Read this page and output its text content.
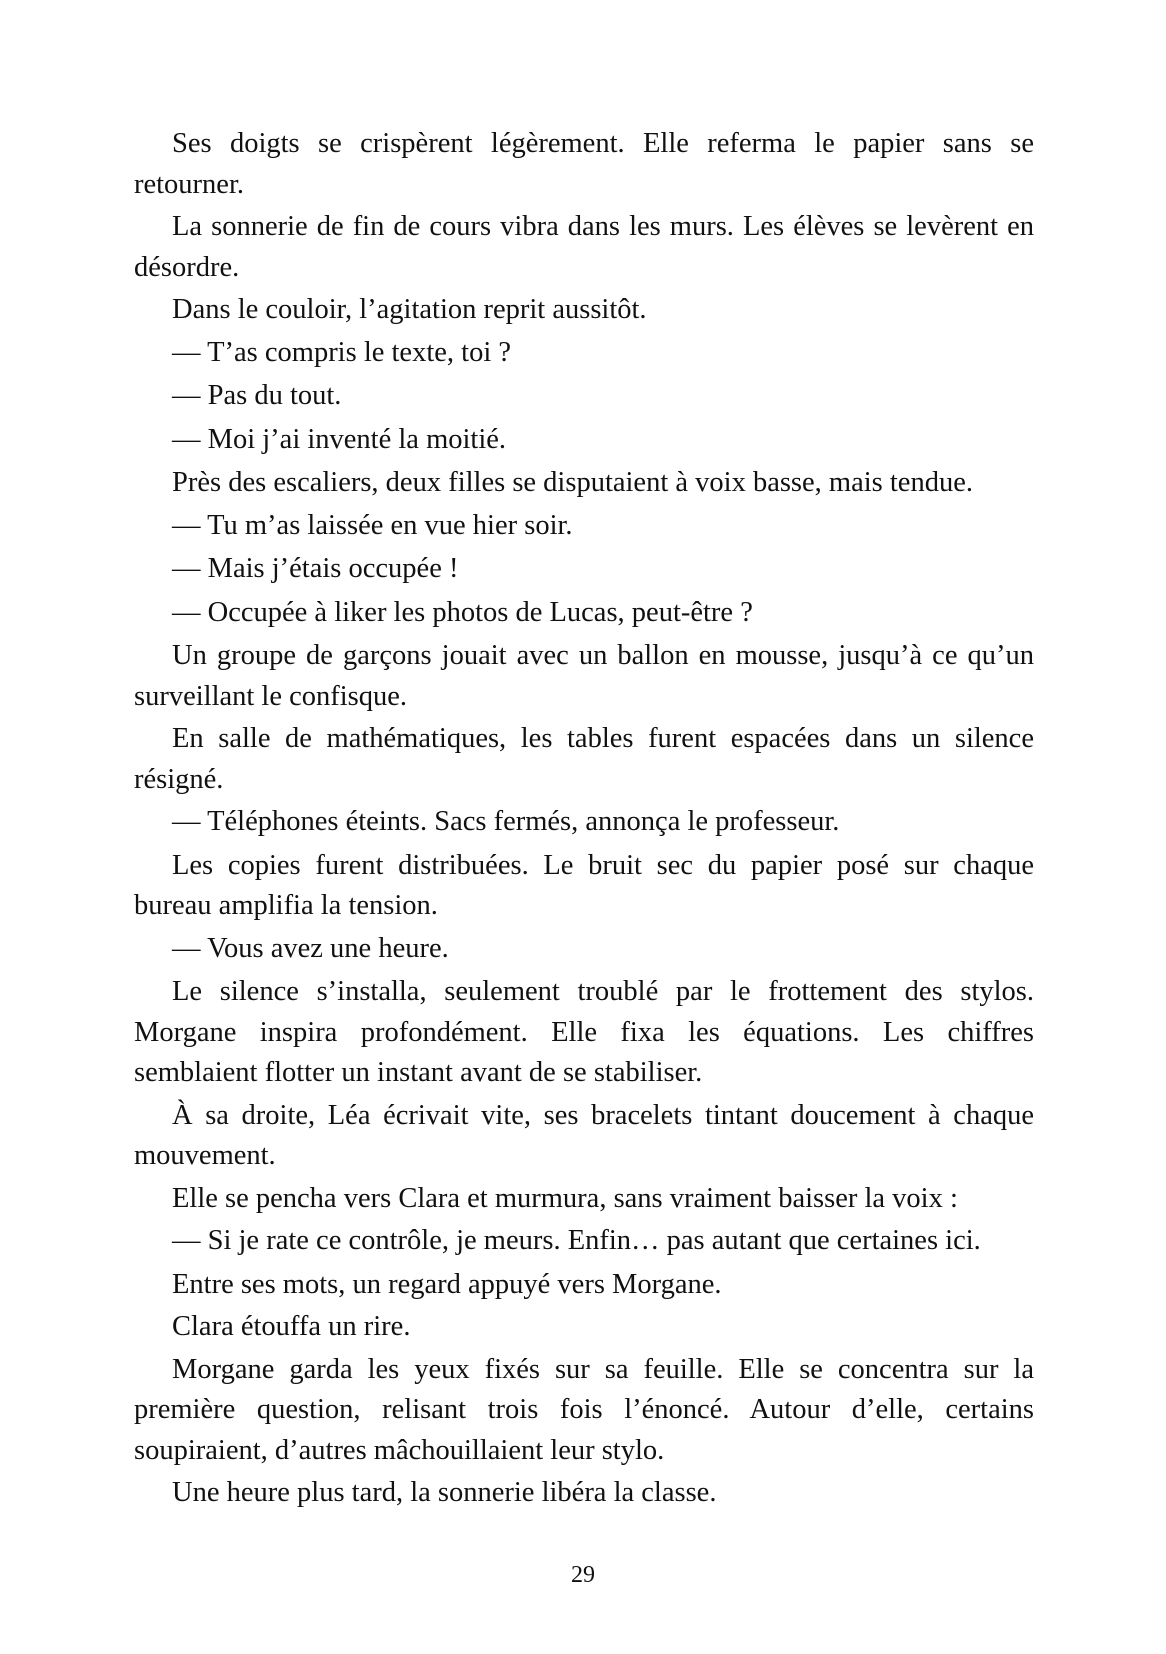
Ses doigts se crispèrent légèrement. Elle referma le papier sans se retourner.

La sonnerie de fin de cours vibra dans les murs. Les élèves se levèrent en désordre.

Dans le couloir, l’agitation reprit aussitôt.

— T’as compris le texte, toi ?

— Pas du tout.

— Moi j’ai inventé la moitié.

Près des escaliers, deux filles se disputaient à voix basse, mais tendue.

— Tu m’as laissée en vue hier soir.

— Mais j’étais occupée !

— Occupée à liker les photos de Lucas, peut-être ?

Un groupe de garçons jouait avec un ballon en mousse, jusqu’à ce qu’un surveillant le confisque.

En salle de mathématiques, les tables furent espacées dans un silence résigné.

— Téléphones éteints. Sacs fermés, annonça le professeur.

Les copies furent distribuées. Le bruit sec du papier posé sur chaque bureau amplifia la tension.

— Vous avez une heure.

Le silence s’installa, seulement troublé par le frottement des stylos. Morgane inspira profondément. Elle fixa les équations. Les chiffres semblaient flotter un instant avant de se stabiliser.

À sa droite, Léa écrivait vite, ses bracelets tintant doucement à chaque mouvement.

Elle se pencha vers Clara et murmura, sans vraiment baisser la voix :

— Si je rate ce contrôle, je meurs. Enfin… pas autant que certaines ici.

Entre ses mots, un regard appuyé vers Morgane.

Clara étouffa un rire.

Morgane garda les yeux fixés sur sa feuille. Elle se concentra sur la première question, relisant trois fois l’énoncé. Autour d’elle, certains soupiraient, d’autres mâchouillaient leur stylo.

Une heure plus tard, la sonnerie libéra la classe.

29
